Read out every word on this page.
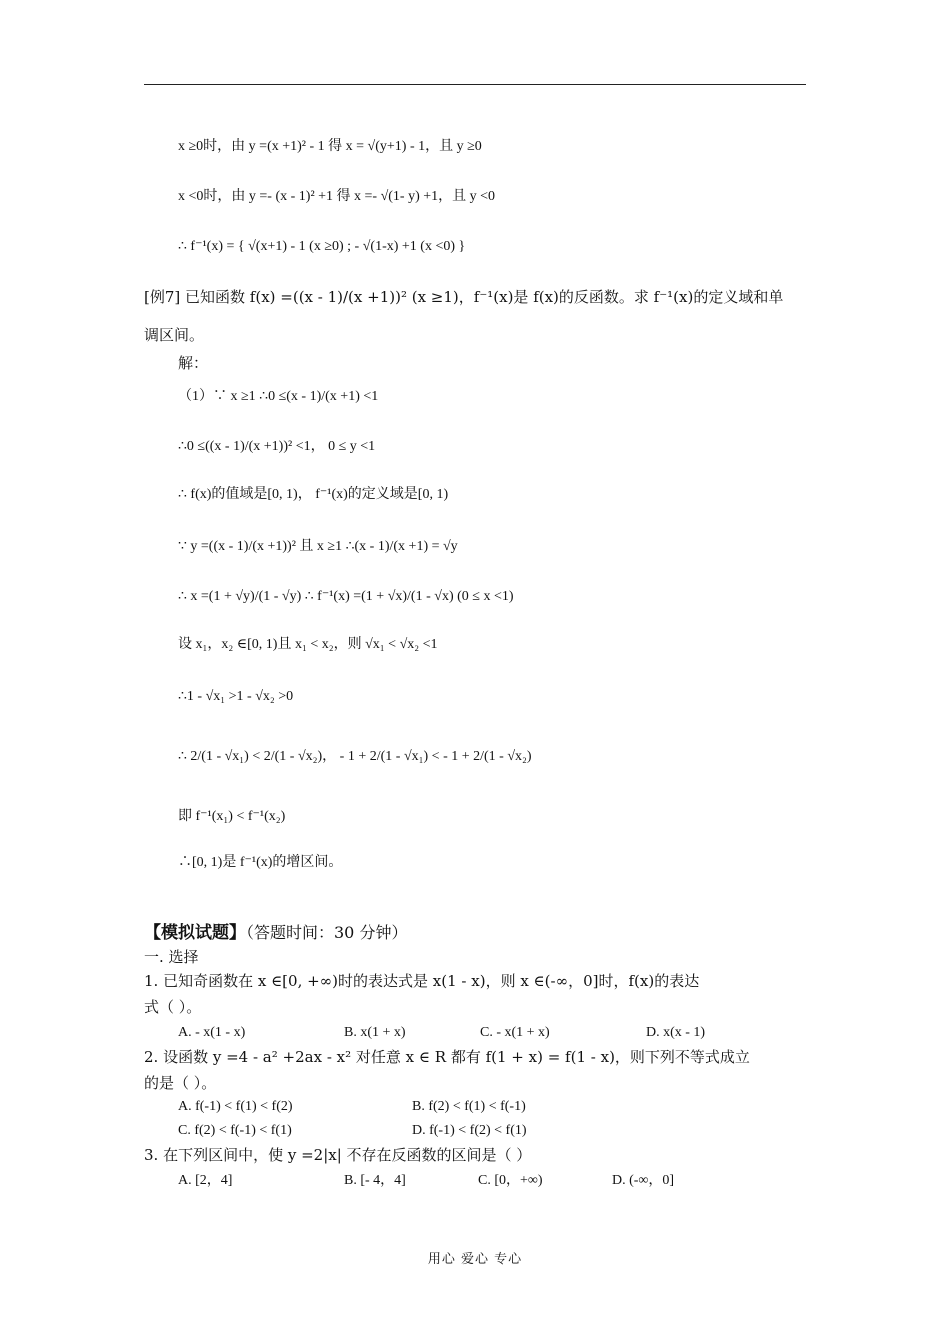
x ≥0时，由 y =(x +1)² - 1 得 x = √(y+1) - 1，且 y ≥0
x <0时，由 y =- (x - 1)² +1 得 x =- √(1- y) +1，且 y <0
∴ f⁻¹(x) = { √(x+1) - 1 (x ≥0) ; - √(1-x) +1 (x <0) }
[例7] 已知函数 f(x) =((x - 1)/(x +1))² (x ≥1)，f⁻¹(x)是 f(x)的反函数。求 f⁻¹(x)的定义域和单
调区间。
解：
（1）∵ x ≥1 ∴0 ≤(x - 1)/(x +1) <1
∴0 ≤((x - 1)/(x +1))² <1， 0 ≤ y <1
∴ f(x)的值域是[0, 1)， f⁻¹(x)的定义域是[0, 1)
∵ y =((x - 1)/(x +1))² 且 x ≥1 ∴(x - 1)/(x +1) = √y
∴ x =(1 + √y)/(1 - √y) ∴ f⁻¹(x) =(1 + √x)/(1 - √x) (0 ≤ x <1)
设 x₁，x₂ ∈[0, 1)且 x₁ < x₂，则 √x₁ < √x₂ <1
∴1 - √x₁ >1 - √x₂ >0
∴ 2/(1 - √x₁) < 2/(1 - √x₂)， - 1 + 2/(1 - √x₁) < - 1 + 2/(1 - √x₂)
即 f⁻¹(x₁) < f⁻¹(x₂)
∴[0, 1)是 f⁻¹(x)的增区间。
【模拟试题】（答题时间：30 分钟）
一. 选择
1. 已知奇函数在 x ∈[0, +∞)时的表达式是 x(1 - x)，则 x ∈(-∞，0]时，f(x)的表达
式（ ）。
A. - x(1 - x)	B. x(1 + x)	C. - x(1 + x)	D. x(x - 1)
2. 设函数 y =4 - a² +2ax - x² 对任意 x ∈ R 都有 f(1 + x) = f(1 - x)，则下列不等式成立
的是（ ）。
A. f(-1) < f(1) < f(2)	B. f(2) < f(1) < f(-1)
C. f(2) < f(-1) < f(1)	D. f(-1) < f(2) < f(1)
3. 在下列区间中，使 y =2|x| 不存在反函数的区间是（ ）
A. [2，4]	B. [- 4，4]	C. [0，+∞)	D. (-∞，0]
用心 爱心 专心
